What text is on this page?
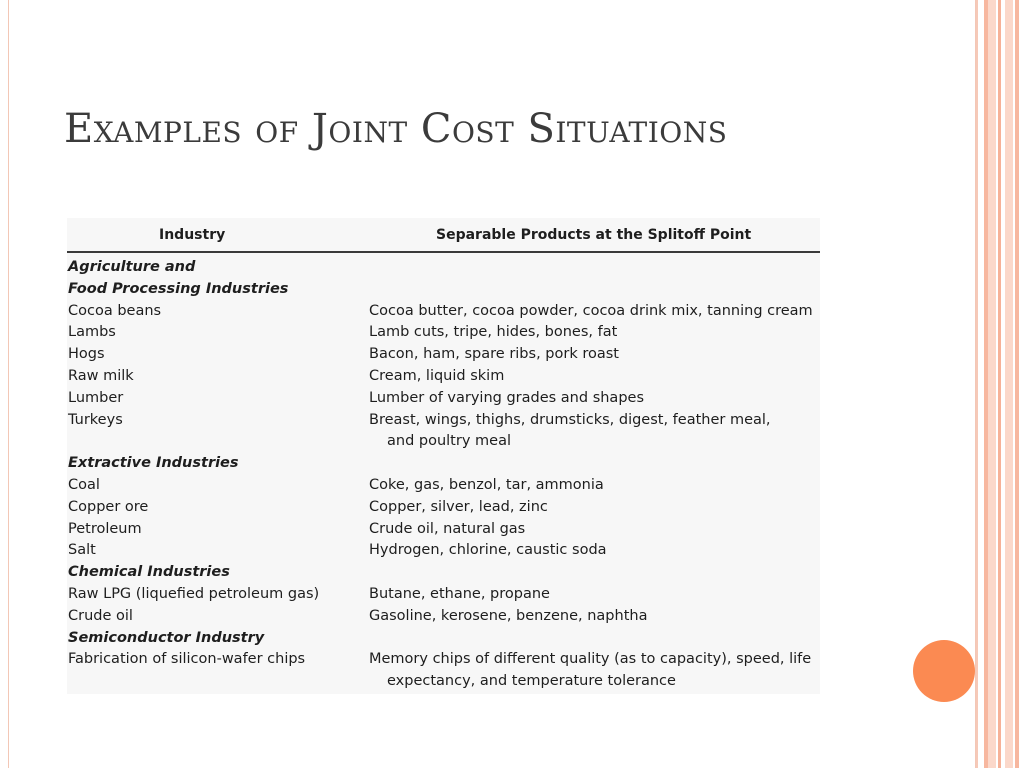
Examples of Joint Cost Situations
Industry	Separable Products at the Splitoff Point
Agriculture and
Food Processing Industries
Cocoa beans	Cocoa butter, cocoa powder, cocoa drink mix, tanning cream
Lambs	Lamb cuts, tripe, hides, bones, fat
Hogs	Bacon, ham, spare ribs, pork roast
Raw milk	Cream, liquid skim
Lumber	Lumber of varying grades and shapes
Turkeys	Breast, wings, thighs, drumsticks, digest, feather meal,
and poultry meal
Extractive Industries
Coal	Coke, gas, benzol, tar, ammonia
Copper ore	Copper, silver, lead, zinc
Petroleum	Crude oil, natural gas
Salt	Hydrogen, chlorine, caustic soda
Chemical Industries
Raw LPG (liquefied petroleum gas)	Butane, ethane, propane
Crude oil	Gasoline, kerosene, benzene, naphtha
Semiconductor Industry
Fabrication of silicon-wafer chips	Memory chips of different quality (as to capacity), speed, life
expectancy, and temperature tolerance
